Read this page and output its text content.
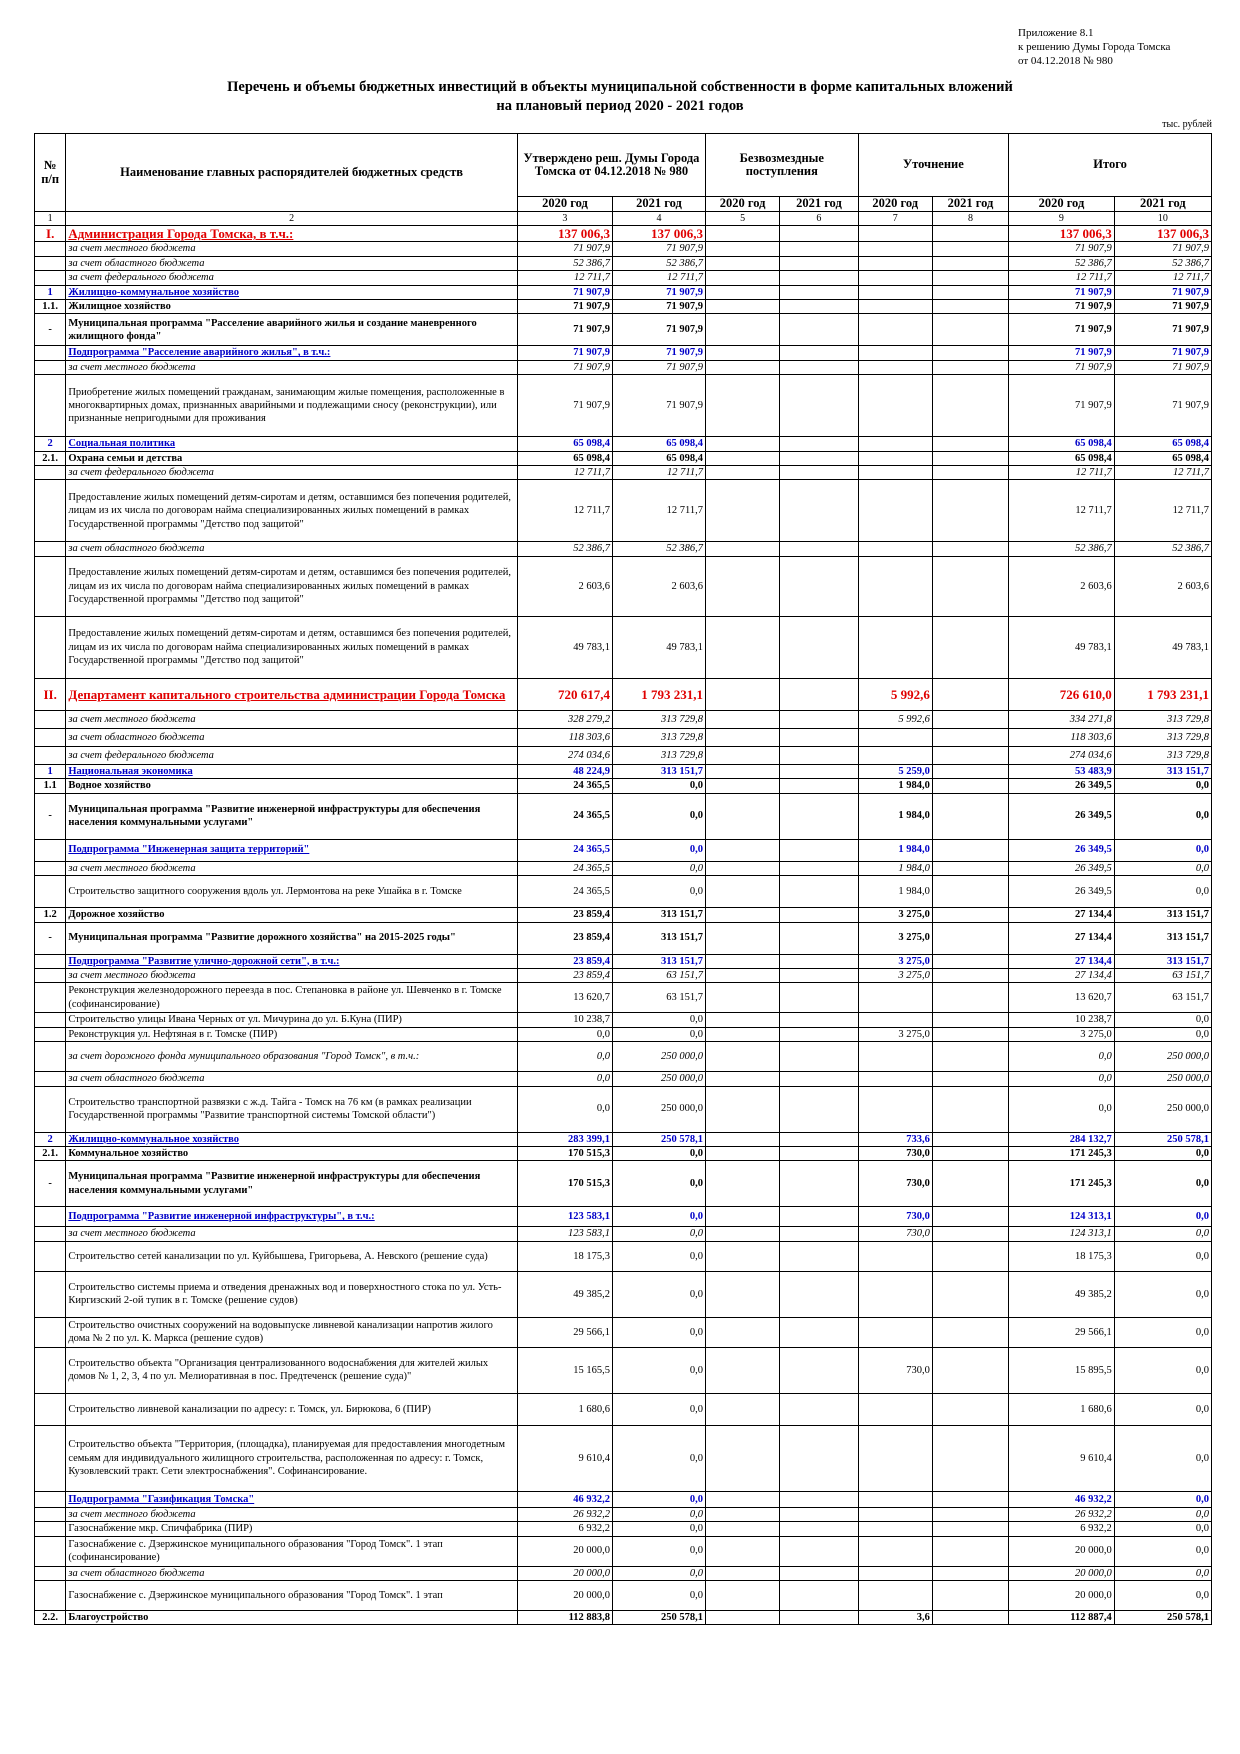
Приложение 8.1
к решению Думы Города Томска
от 04.12.2018 № 980
Перечень и объемы бюджетных инвестиций в объекты муниципальной собственности в форме капитальных вложений
на плановый период 2020 - 2021 годов
тыс. рублей
№ п/п	Наименование главных распорядителей бюджетных средств	Утверждено реш. Думы Города Томска от 04.12.2018 № 980		Безвозмездные поступления		Уточнение		Итого	
		2020 год	2021 год	2020 год	2021 год	2020 год	2021 год	2020 год	2021 год
1	2	3	4	5	6	7	8	9	10
I.	Администрация Города Томска, в т.ч.:	137 006,3	137 006,3					137 006,3	137 006,3
	за счет местного бюджета	71 907,9	71 907,9					71 907,9	71 907,9
	за счет областного бюджета	52 386,7	52 386,7					52 386,7	52 386,7
	за счет федерального бюджета	12 711,7	12 711,7					12 711,7	12 711,7
1	Жилищно-коммунальное хозяйство	71 907,9	71 907,9					71 907,9	71 907,9
1.1.	Жилищное хозяйство	71 907,9	71 907,9					71 907,9	71 907,9
-	Муниципальная программа "Расселение аварийного жилья и создание маневренного жилищного фонда"	71 907,9	71 907,9					71 907,9	71 907,9
	Подпрограмма "Расселение аварийного жилья", в т.ч.:	71 907,9	71 907,9					71 907,9	71 907,9
	за счет местного бюджета	71 907,9	71 907,9					71 907,9	71 907,9
	Приобретение жилых помещений гражданам, занимающим жилые помещения, расположенные в многоквартирных домах, признанных аварийными и подлежащими сносу (реконструкции), или признанные непригодными для проживания	71 907,9	71 907,9					71 907,9	71 907,9
2	Социальная политика	65 098,4	65 098,4					65 098,4	65 098,4
2.1.	Охрана семьи и детства	65 098,4	65 098,4					65 098,4	65 098,4
	за счет федерального бюджета	12 711,7	12 711,7					12 711,7	12 711,7
	Предоставление жилых помещений детям-сиротам и детям, оставшимся без попечения родителей, лицам из их числа по договорам найма специализированных жилых помещений в рамках Государственной программы "Детство под защитой"	12 711,7	12 711,7					12 711,7	12 711,7
	за счет областного бюджета	52 386,7	52 386,7					52 386,7	52 386,7
	Предоставление жилых помещений детям-сиротам и детям, оставшимся без попечения родителей, лицам из их числа по договорам найма специализированных жилых помещений в рамках Государственной программы "Детство под защитой"	2 603,6	2 603,6					2 603,6	2 603,6
	Предоставление жилых помещений детям-сиротам и детям, оставшимся без попечения родителей, лицам из их числа по договорам найма специализированных жилых помещений в рамках Государственной программы "Детство под защитой"	49 783,1	49 783,1					49 783,1	49 783,1
II.	Департамент капитального строительства администрации Города Томска	720 617,4	1 793 231,1			5 992,6		726 610,0	1 793 231,1
	за счет местного бюджета	328 279,2	313 729,8			5 992,6		334 271,8	313 729,8
	за счет областного бюджета	118 303,6	313 729,8					118 303,6	313 729,8
	за счет федерального бюджета	274 034,6	313 729,8					274 034,6	313 729,8
1	Национальная экономика	48 224,9	313 151,7			5 259,0		53 483,9	313 151,7
1.1	Водное хозяйство	24 365,5	0,0			1 984,0		26 349,5	0,0
-	Муниципальная программа "Развитие инженерной инфраструктуры для обеспечения населения коммунальными услугами"	24 365,5	0,0			1 984,0		26 349,5	0,0
	Подпрограмма "Инженерная защита территорий"	24 365,5	0,0			1 984,0		26 349,5	0,0
	за счет местного бюджета	24 365,5	0,0			1 984,0		26 349,5	0,0
	Строительство защитного сооружения вдоль ул. Лермонтова на реке Ушайка в г. Томске	24 365,5	0,0			1 984,0		26 349,5	0,0
1.2	Дорожное хозяйство	23 859,4	313 151,7			3 275,0		27 134,4	313 151,7
-	Муниципальная программа "Развитие дорожного хозяйства" на 2015-2025 годы"	23 859,4	313 151,7			3 275,0		27 134,4	313 151,7
	Подпрограмма "Развитие улично-дорожной сети", в т.ч.:	23 859,4	313 151,7			3 275,0		27 134,4	313 151,7
	за счет местного бюджета	23 859,4	63 151,7			3 275,0		27 134,4	63 151,7
	Реконструкция железнодорожного переезда в пос. Степановка в районе ул. Шевченко в г. Томске (софинансирование)	13 620,7	63 151,7					13 620,7	63 151,7
	Строительство улицы Ивана Черных от ул. Мичурина до ул. Б.Куна (ПИР)	10 238,7	0,0					10 238,7	0,0
	Реконструкция ул. Нефтяная в г. Томске (ПИР)	0,0	0,0			3 275,0		3 275,0	0,0
	за счет дорожного фонда муниципального образования "Город Томск", в т.ч.:	0,0	250 000,0					0,0	250 000,0
	за счет областного бюджета	0,0	250 000,0					0,0	250 000,0
	Строительство транспортной развязки с ж.д. Тайга - Томск на 76 км (в рамках реализации Государственной программы "Развитие транспортной системы Томской области")	0,0	250 000,0					0,0	250 000,0
2	Жилищно-коммунальное хозяйство	283 399,1	250 578,1			733,6		284 132,7	250 578,1
2.1.	Коммунальное хозяйство	170 515,3	0,0			730,0		171 245,3	0,0
-	Муниципальная программа "Развитие инженерной инфраструктуры для обеспечения населения коммунальными услугами"	170 515,3	0,0			730,0		171 245,3	0,0
	Подпрограмма "Развитие инженерной инфраструктуры", в т.ч.:	123 583,1	0,0			730,0		124 313,1	0,0
	за счет местного бюджета	123 583,1	0,0			730,0		124 313,1	0,0
	Строительство сетей канализации по ул. Куйбышева, Григорьева, А. Невского (решение суда)	18 175,3	0,0					18 175,3	0,0
	Строительство системы приема и отведения дренажных вод и поверхностного стока по ул. Усть-Киргизский 2-ой тупик в г. Томске (решение судов)	49 385,2	0,0					49 385,2	0,0
	Строительство очистных сооружений на водовыпуске ливневой канализации напротив жилого дома № 2 по ул. К. Маркса (решение судов)	29 566,1	0,0					29 566,1	0,0
	Строительство объекта "Организация централизованного водоснабжения для жителей жилых домов № 1, 2, 3, 4 по ул. Мелиоративная в пос. Предтеченск (решение суда)"	15 165,5	0,0			730,0		15 895,5	0,0
	Строительство ливневой канализации по адресу: г. Томск, ул. Бирюкова, 6 (ПИР)	1 680,6	0,0					1 680,6	0,0
	Строительство объекта "Территория, (площадка), планируемая для предоставления многодетным семьям для индивидуального жилищного строительства, расположенная по адресу: г. Томск, Кузовлевский тракт. Сети электроснабжения". Софинансирование.	9 610,4	0,0					9 610,4	0,0
	Подпрограмма "Газификация Томска"	46 932,2	0,0					46 932,2	0,0
	за счет местного бюджета	26 932,2	0,0					26 932,2	0,0
	Газоснабжение мкр. Спичфабрика (ПИР)	6 932,2	0,0					6 932,2	0,0
	Газоснабжение с. Дзержинское муниципального образования "Город Томск". 1 этап (софинансирование)	20 000,0	0,0					20 000,0	0,0
	за счет областного бюджета	20 000,0	0,0					20 000,0	0,0
	Газоснабжение с. Дзержинское муниципального образования "Город Томск". 1 этап	20 000,0	0,0					20 000,0	0,0
2.2.	Благоустройство	112 883,8	250 578,1			3,6		112 887,4	250 578,1
